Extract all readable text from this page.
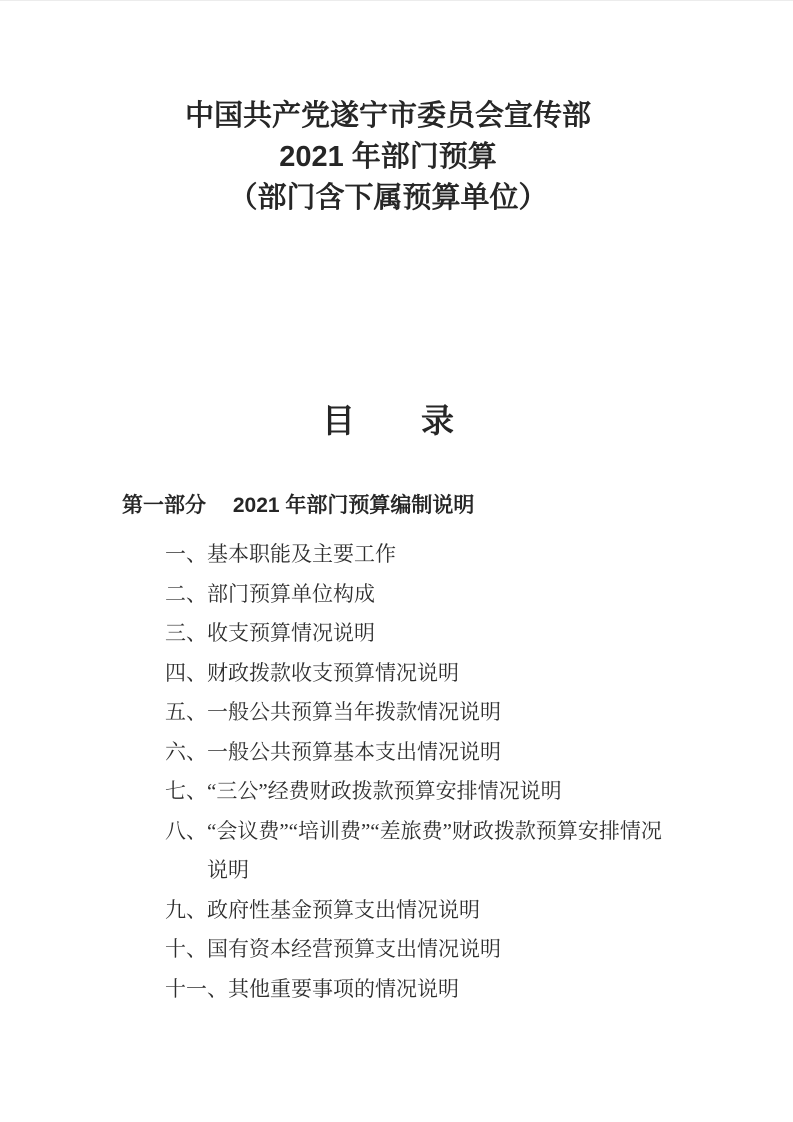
中国共产党遂宁市委员会宣传部
2021 年部门预算
（部门含下属预算单位）
目　　录
第一部分　 2021 年部门预算编制说明
一、 基本职能及主要工作
二、 部门预算单位构成
三、 收支预算情况说明
四、 财政拨款收支预算情况说明
五、 一般公共预算当年拨款情况说明
六、 一般公共预算基本支出情况说明
七、 “三公”经费财政拨款预算安排情况说明
八、 “会议费”“培训费”“差旅费”财政拨款预算安排情况说明
九、 政府性基金预算支出情况说明
十、 国有资本经营预算支出情况说明
十一、 其他重要事项的情况说明
